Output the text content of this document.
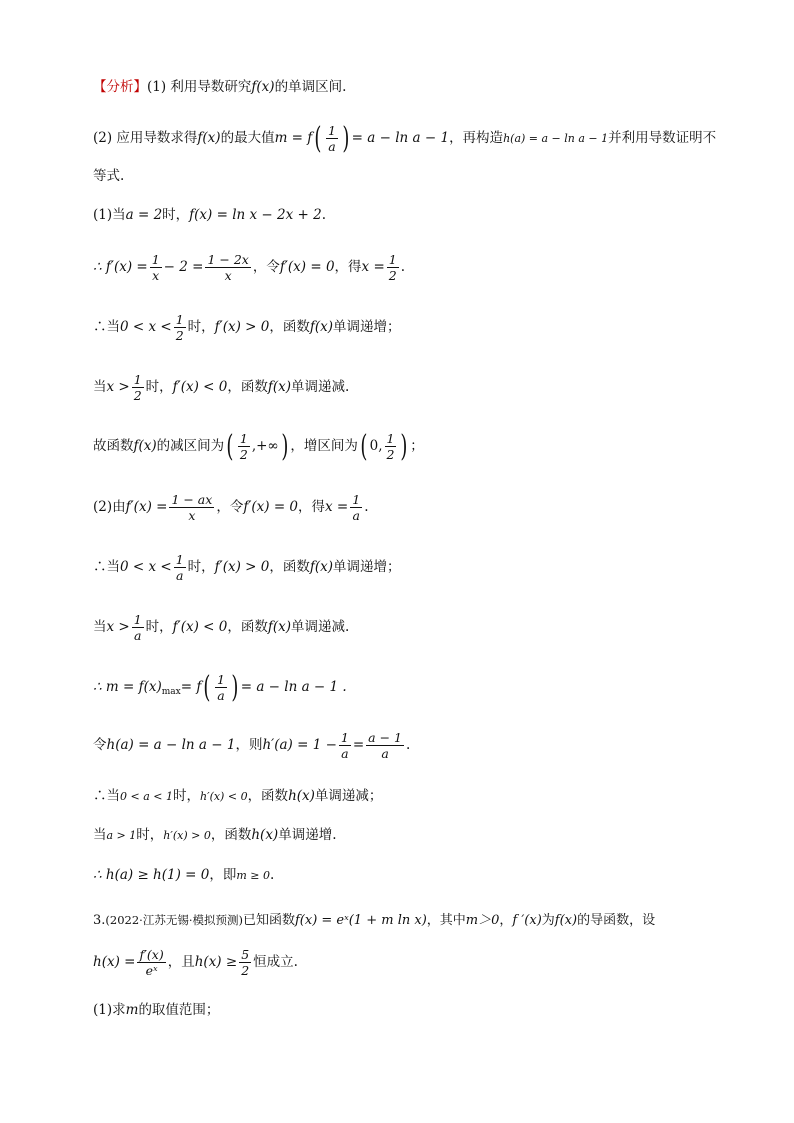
【分析】(1) 利用导数研究f(x)的单调区间.
(2) 应用导数求得f(x)的最大值$m = f( \frac{1}{a}$ ) = a − ln a − 1，再构造h(a) = a − ln a − 1并利用导数证明不
等式.
(1)当a = 2时，f(x) = ln x − 2x + 2.
∴ $f'(x) = \frac{1}{x} - 2 = \frac{1 - 2x}{x}$ ，令f′(x) = 0，得$x = \frac{1}{2}$ .
∴当$0 < x < \frac{1}{2}$ 时，f′(x) > 0，函数f(x)单调递增；
当$x > \frac{1}{2}$ 时，f′(x) < 0，函数f(x)单调递减.
故函数f(x)的减区间为( $\frac{1}{2}$ ,+∞) ，增区间为( 0, $\frac{1}{2}$ ) ；
(2)由$f'(x) = \frac{1 - ax}{x}$ ，令f′(x) = 0，得$x = \frac{1}{a}$ .
∴当$0 < x < \frac{1}{a}$ 时，f′(x) > 0，函数f(x)单调递增；
当$x > \frac{1}{a}$ 时，f′(x) < 0，函数f(x)单调递减.
∴ $m = f(x)_{max}= f( \frac{1}{a}$ ) = a − ln a − 1 .
令h(a) = a − ln a − 1，则$h'(a) = 1 - \frac{1}{a} = \frac{a - 1}{a}$ .
∴当0 < a < 1时，h′(x) < 0，函数h(x)单调递减；
当a > 1时，h′(x) > 0，函数h(x)单调递增.
∴ h(a) ≥ h(1) = 0，即m ≥ 0.
3.(2022·江苏无锡·模拟预测)已知函数f(x) = eˣ(1 + m ln x)，其中m＞0，f ′(x)为f(x)的导函数，设
$h(x) = \frac{f'(x)}{\text{eˣ}}$ ，且$h(x) \ge \frac{5}{2}$ 恒成立.
(1)求m的取值范围；
